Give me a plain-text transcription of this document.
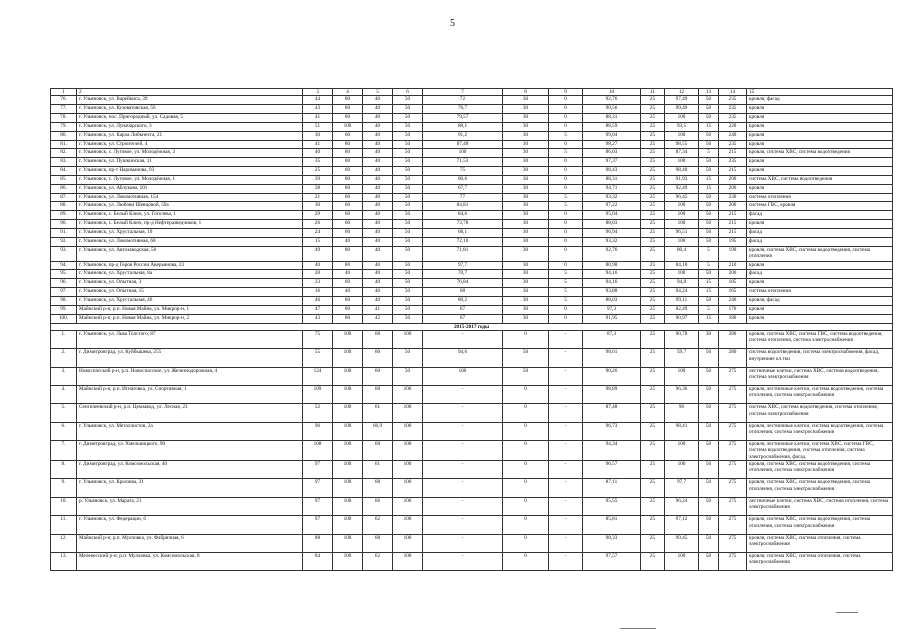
5
1	2	3	4	5	6	7	8	9	10	11	12	13	14	15
76.	г. Ульяновск, ул. Варейкиса, 39	44	80	40	50	72	30	0	92,76	25	97,49	50	235	кровля, фасад
77.	г. Ульяновск, ул. Кузоватовская, 56	43	80	40	50	76,7	30	0	90,56	25	99,49	50	235	кровля
78.	г. Ульяновск, пос. Пригородный, ул. Садовая, 5	41	80	40	50	79,57	30	0	88,31	25	100	50	235	кровля
79.	г. Ульяновск, ул. Луначарского, 3	51	100	40	50	88,1	30	0	88,59	25	93,5	15	220	кровля
80.	г. Ульяновск, ул. Карла Либкнехта, 21	30	60	40	50	91,2	30	5	99,04	25	100	50	240	кровля
81.	г. Ульяновск, ул. Строителей, 4	41	80	40	50	87,48	30	0	98,27	25	98,55	50	235	кровля
82.	г. Ульяновск, с. Луговое, ул. Молодёжная, 3	40	80	40	50	100	30	5	86,03	25	87,34	5	215	кровля, система ХВС, система водоотведения
83.	г. Ульяновск, ул. Пушкинская, 11	35	80	40	50	71,53	30	0	97,37	25	100	50	235	кровля
84.	г. Ульяновск, пр-т Нариманова, 93	25	60	40	50	75	30	0	98,43	25	98,40	50	215	кровля
85.	г. Ульяновск, с. Луговое, ул. Молодёжная, 1	39	80	40	50	80,6	30	0	88,31	25	91,93	15	200	система ХВС, система водоотведения
86.	г. Ульяновск, ул. Аблукова, 101	38	80	40	50	67,7	30	0	94,71	25	92,49	15	200	кровля
87.	г. Ульяновск, ул. Локомотивная, 154	21	60	40	50	77	30	5	93,32	25	96,45	50	230	система отопления
88.	г. Ульяновск, ул. Любови Шевцовой, 59а	30	60	40	50	84,81	30	5	97,22	25	100	50	200	система ГВС, кровля
89.	г. Ульяновск, с. Белый Ключ, ул. Гоголева, 1	29	60	40	50	84,6	30	0	95,04	25	100	50	215	фасад
90.	г. Ульяновск, с. Белый Ключ, пр-д Нефтеразведчиков, 1	26	60	40	50	73,78	30	0	88,03	25	100	50	215	кровля
91.	г. Ульяновск, ул. Хрустальная, 10	24	60	40	50	68,1	30	0	96,94	25	96,51	50	215	фасад
92.	г. Ульяновск, ул. Локомотивная, 68	15	40	40	50	72,16	30	0	93,32	25	100	50	195	фасад
93.	г. Ульяновск, ул. Автозаводская, 56	49	80	40	50	71,81	30	0	92,76	25	80,4	5	190	кровля, система ХВС, система водоотведения, система отопления
94.	г. Ульяновск, пр-д Героя России Аверьянова, 23	40	80	40	50	97,7	30	0	80,98	25	84,18	5	210	кровля
95.	г. Ульяновск, ул. Хрустальная, 8а	20	40	40	50	70,7	30	5	94,16	25	100	50	200	фасад
96.	г. Ульяновск, ул. Опытная, 3	23	60	40	50	76,84	30	5	94,16	25	94,8	15	185	кровля
97.	г. Ульяновск, ул. Опытная, 15	16	40	40	50	68	30	5	93,88	25	94,24	15	165	система отопления
98.	г. Ульяновск, ул. Хрустальная, 40	46	80	40	50	80,2	30	5	88,03	25	99,11	50	240	кровля, фасад
99.	Майнский р-н, р.п. Новая Майна, ул. Микрор-н, 1	47	80	41	50	67	30	0	97,3	25	82,49	5	170	кровля
100.	Майнский р-н, р.п. Новая Майна, ул. Микрор-н, 2	43	80	42	50	67	30	0	91,95	25	90,97	15	180	кровля
2015-2017 годы														
1.	г. Ульяновск, ул. Льва Толстого, 87	75	100	68	100	-	0	-	87,3	25	90,78	30	280	кровля, система ХВС, система ГВС, система водоотведения, система отопления, система электроснабжения
2.	г. Димитровград, ул. Куйбышева, 255	55	100	60	50	94,6	50	-	98,61	25	59,7	50	280	система водоотведения, система электроснабжения, фасад, внутренние кл.тки
3.	Новоспасский р-н, р.п. Новоспасское, ул. Железнодорожная, 4	124	100	60	50	100	50	-	90,26	25	100	50	275	лестничные клетки, система ХВС, система водоотведения, система электроснабжения
4.	Майнский р-н, р.п. Игнатовка, ул. Спортивная, 1	109	100	68	100	-	0	-	98,89	25	96,36	50	275	кровля, лестничные клетки, система водоотведения, система отопления, система электроснабжения
5.	Сенгилеевский р-н, р.п. Цемзавод, ул. Лесная, 23	52	100	61	100	-	0	-	87,48	25	96	50	275	система ХВС, система водоотведения, система отопления, система электроснабжения
6.	г. Ульяновск, ул. Металлистов, 2а	96	100	66,9	100	-	0	-	96,73	25	98,41	50	275	кровля, лестничные клетки, система водоотведения, система отопления, система электроснабжения
7.	г. Димитровград, ул. Хмельницкого, 90	108	100	68	100	-	0	-	94,34	25	100	50	275	кровля, лестничные клетки, система ХВС, система ГВС, система водоотведения, система отопления, система электроснабжения, фасад
8.	г. Димитровград, ул. Комсомольская, 40	97	100	61	100	-	0	-	96,57	25	100	50	275	кровля, система ХВС, система водоотведения, система отопления, система электроснабжения
9.	г. Ульяновск, ул. Кролюва, 31	97	100	68	100	-	0	-	87,11	25	97,7	50	275	кровля, система ХВС, система водоотведения, система отопления, система электроснабжения
10.	р. Ульяновск, ул. Марата, 21	97	100	66	100	-	0	-	95,55	25	96,24	50	275	лестничные клетки, система ХВС, система отопления, система электроснабжения
11.	г. Ульяновск, ул. Федерации, 6	97	100	62	100	-	0	-	85,81	25	97,12	50	275	кровля, система ХВС, система водоотведения, система отопления, система электроснабжения
12.	Майнский р-н, р.п. Мулловка, ул. Фабричная, 6	88	100	68	100	-	0	-	98,33	25	99,45	50	275	кровля, система ХВС, система отопления, система электроснабжения
13.	Мелекесский р-н, р.п. Мулловка, ул. Комсомольская, 8	84	100	62	100	-	0	-	97,57	25	100	50	275	кровля, система ХВС, система отопления, система электроснабжения
